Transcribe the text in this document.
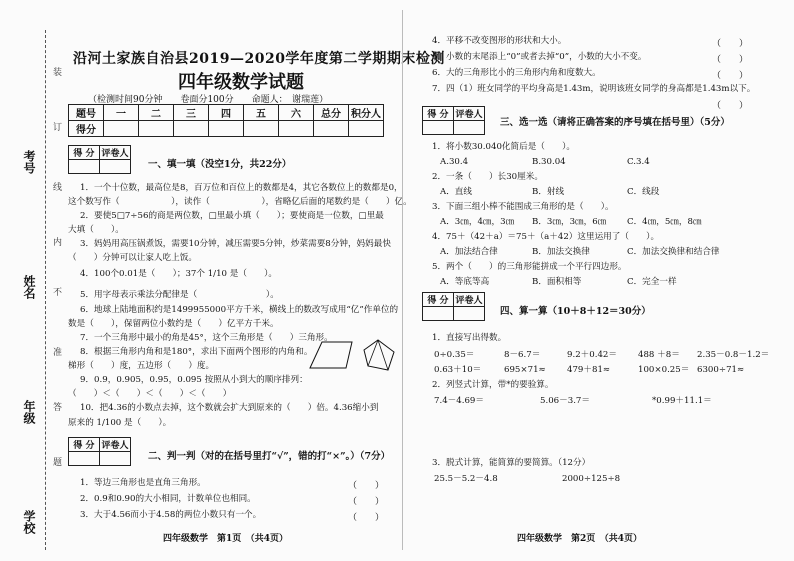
考号
姓名
年级
学校
装
订
线
内
不
准
答
题
沿河土家族自治县2019—2020学年度第二学期期末检测
四年级数学试题
（检测时间90分钟　　卷面分100分　　命题人：　谢瑞莲）
题号	一	二	三	四	五	六	总分	积分人
得分								
得 分	评卷人

一、填一填（没空1分，共22分）
1．一个十位数，最高位是8，百万位和百位上的数都是4，其它各数位上的数都是0，
这个数写作（　　　　　　），读作（　　　　　　），省略亿后面的尾数约是（　　）亿。
2．要使5□7÷56的商是两位数，□里最小填（　　）；要使商是一位数，□里最
大填（　　）。
3．妈妈用高压锅煮饭，需要10分钟，减压需要5分钟，炒菜需要8分钟，妈妈最快
（　　）分钟可以让家人吃上饭。
4．100个0.01是（　　）；37个 1/10 是（　　）。
5．用字母表示乘法分配律是（　　　　　　　　）。
6．地球上陆地面积约是1499955000平方千米，横线上的数改写成用“亿”作单位的
数是（　　），保留两位小数约是（　　）亿平方千米。
7．一个三角形中最小的角是45°，这个三角形是（　　）三角形。
8．根据三角形内角和是180°，求出下面两个图形的内角和。
梯形（　　）度，五边形（　　）度。
9．0.9，0.905，0.95，0.095 按照从小到大的顺序排列：
（　　）＜（　　）＜（　　）＜（　　）
10．把4.36的小数点去掉，这个数就会扩大到原来的（　　）倍。4.36缩小到
原来的 1/100 是（　　）。
得 分	评卷人

二、判一判（对的在括号里打“√”，错的打“×”。）（7分）
1．等边三角形也是直角三角形。	（　　）
2．0.9和0.90的大小相同，计数单位也相同。	（　　）
3．大于4.56而小于4.58的两位小数只有一个。	（　　）
四年级数学　第1页　（共4页）
4．平移不改变图形的形状和大小。	（　　）
5．小数的末尾添上“0”或者去掉“0”，小数的大小不变。	（　　）
6．大的三角形比小的三角形内角和度数大。	（　　）
7．四（1）班女同学的平均身高是1.43m，说明该班女同学的身高都是1.43m以下。
（　　）
得 分	评卷人

三、选一选（请将正确答案的序号填在括号里）（5分）
1．将小数30.040化简后是（　　）。
A.30.4	B.30.04	C.3.4
2．一条（　　）长30厘米。
A．直线	B．射线	C．线段
3．下面三组小棒不能围成三角形的是（　　）。
A．3㎝，4㎝，3㎝ B．3㎝，3㎝，6㎝ C．4㎝，5㎝，8㎝
4．75＋（42＋a）＝75＋（a＋42）这里运用了（　　）。
A．加法结合律	B．加法交换律	C．加法交换律和结合律
5．两个（　　）的三角形能拼成一个平行四边形。
A．等底等高	B．面积相等	C．完全一样
得 分	评卷人

四、算一算（10＋8＋12＝30分）
1．直接写出得数。
0÷0.35＝	8－6.7＝	9.2＋0.42＝ 488 ＋8＝ 2.35－0.8－1.2＝
0.63＋10＝	695×71≈ 479＋81≈	100×0.25＝ 6300÷71≈
2．列竖式计算，带*的要验算。
7.4－4.69＝	5.06－3.7＝	*0.99＋11.1＝
3．脱式计算，能简算的要简算。（12分）
25.5－5.2－4.8	2000÷125÷8
四年级数学　第2页　（共4页）
